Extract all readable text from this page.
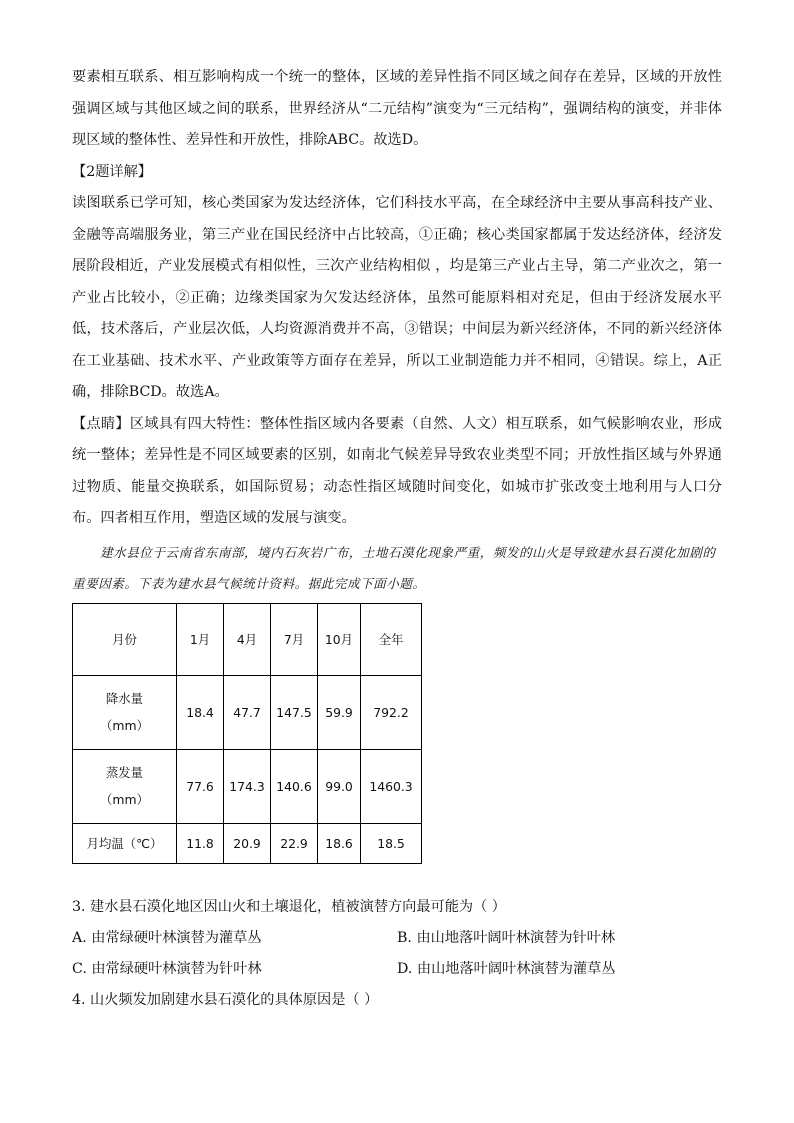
要素相互联系、相互影响构成一个统一的整体，区域的差异性指不同区域之间存在差异，区域的开放性强调区域与其他区域之间的联系，世界经济从“二元结构”演变为“三元结构”，强调结构的演变，并非体现区域的整体性、差异性和开放性，排除ABC。故选D。

【2题详解】

读图联系已学可知，核心类国家为发达经济体，它们科技水平高，在全球经济中主要从事高科技产业、金融等高端服务业，第三产业在国民经济中占比较高，①正确；核心类国家都属于发达经济体，经济发展阶段相近，产业发展模式有相似性，三次产业结构相似 ，均是第三产业占主导，第二产业次之，第一产业占比较小，②正确；边缘类国家为欠发达经济体，虽然可能原料相对充足，但由于经济发展水平低，技术落后，产业层次低，人均资源消费并不高，③错误；中间层为新兴经济体，不同的新兴经济体在工业基础、技术水平、产业政策等方面存在差异，所以工业制造能力并不相同，④错误。综上，A正确，排除BCD。故选A。

【点睛】区域具有四大特性：整体性指区域内各要素（自然、人文）相互联系，如气候影响农业，形成统一整体；差异性是不同区域要素的区别，如南北气候差异导致农业类型不同；开放性指区域与外界通过物质、能量交换联系，如国际贸易；动态性指区域随时间变化，如城市扩张改变土地利用与人口分布。四者相互作用，塑造区域的发展与演变。

建水县位于云南省东南部，境内石灰岩广布，土地石漠化现象严重，频发的山火是导致建水县石漠化加剧的重要因素。下表为建水县气候统计资料。据此完成下面小题。

月份	1月	4月	7月	10月	全年
降水量（mm）	18.4	47.7	147.5	59.9	792.2
蒸发量（mm）	77.6	174.3	140.6	99.0	1460.3
月均温（℃）	11.8	20.9	22.9	18.6	18.5

3. 建水县石漠化地区因山火和土壤退化，植被演替方向最可能为（ ）

A. 由常绿硬叶林演替为灌草丛	B. 由山地落叶阔叶林演替为针叶林
C. 由常绿硬叶林演替为针叶林	D. 由山地落叶阔叶林演替为灌草丛

4. 山火频发加剧建水县石漠化的具体原因是（ ）
